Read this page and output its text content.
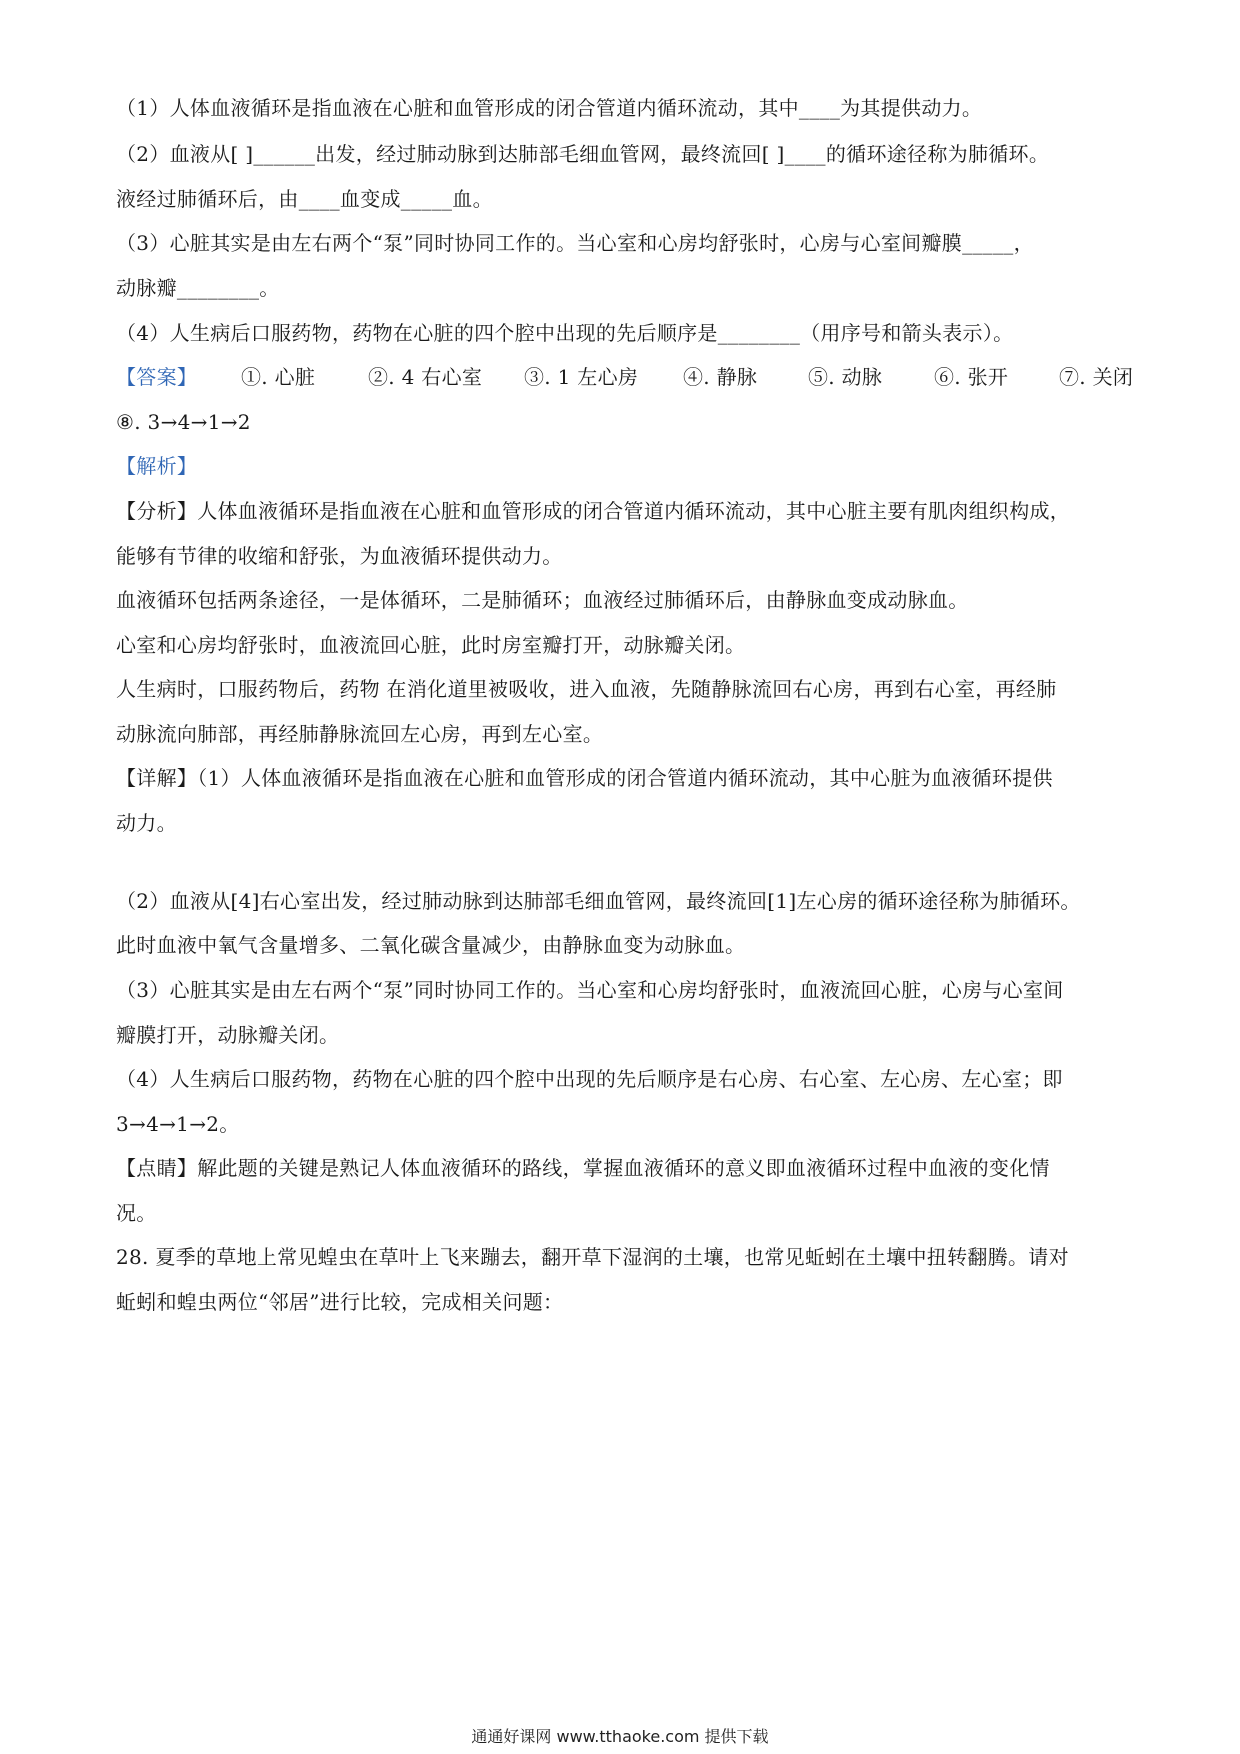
（1）人体血液循环是指血液在心脏和血管形成的闭合管道内循环流动，其中____为其提供动力。
（2）血液从[ ]______出发，经过肺动脉到达肺部毛细血管网，最终流回[ ]____的循环途径称为肺循环。
液经过肺循环后，由____血变成_____血。
（3）心脏其实是由左右两个“泵”同时协同工作的。当心室和心房均舒张时，心房与心室间瓣膜_____，
动脉瓣________。
（4）人生病后口服药物，药物在心脏的四个腔中出现的先后顺序是________（用序号和箭头表示）。
【答案】 ①. 心脏	②. 4 右心室 ③. 1 左心房 ④. 静脉	⑤. 动脉	⑥. 张开	⑦. 关闭
⑧. 3→4→1→2
【解析】
【分析】人体血液循环是指血液在心脏和血管形成的闭合管道内循环流动，其中心脏主要有肌肉组织构成，
能够有节律的收缩和舒张，为血液循环提供动力。
血液循环包括两条途径，一是体循环，二是肺循环；血液经过肺循环后，由静脉血变成动脉血。
心室和心房均舒张时，血液流回心脏，此时房室瓣打开，动脉瓣关闭。
人生病时，口服药物后，药物 在消化道里被吸收，进入血液，先随静脉流回右心房，再到右心室，再经肺
动脉流向肺部，再经肺静脉流回左心房，再到左心室。
【详解】（1）人体血液循环是指血液在心脏和血管形成的闭合管道内循环流动，其中心脏为血液循环提供
动力。
（2）血液从[4]右心室出发，经过肺动脉到达肺部毛细血管网，最终流回[1]左心房的循环途径称为肺循环。
此时血液中氧气含量增多、二氧化碳含量减少，由静脉血变为动脉血。
（3）心脏其实是由左右两个“泵”同时协同工作的。当心室和心房均舒张时，血液流回心脏，心房与心室间
瓣膜打开，动脉瓣关闭。
（4）人生病后口服药物，药物在心脏的四个腔中出现的先后顺序是右心房、右心室、左心房、左心室；即
3→4→1→2。
【点睛】解此题的关键是熟记人体血液循环的路线，掌握血液循环的意义即血液循环过程中血液的变化情
况。
28. 夏季的草地上常见蝗虫在草叶上飞来蹦去，翻开草下湿润的土壤，也常见蚯蚓在土壤中扭转翻腾。请对
蚯蚓和蝗虫两位“邻居”进行比较，完成相关问题：
通通好课网 www.tthaoke.com 提供下载
